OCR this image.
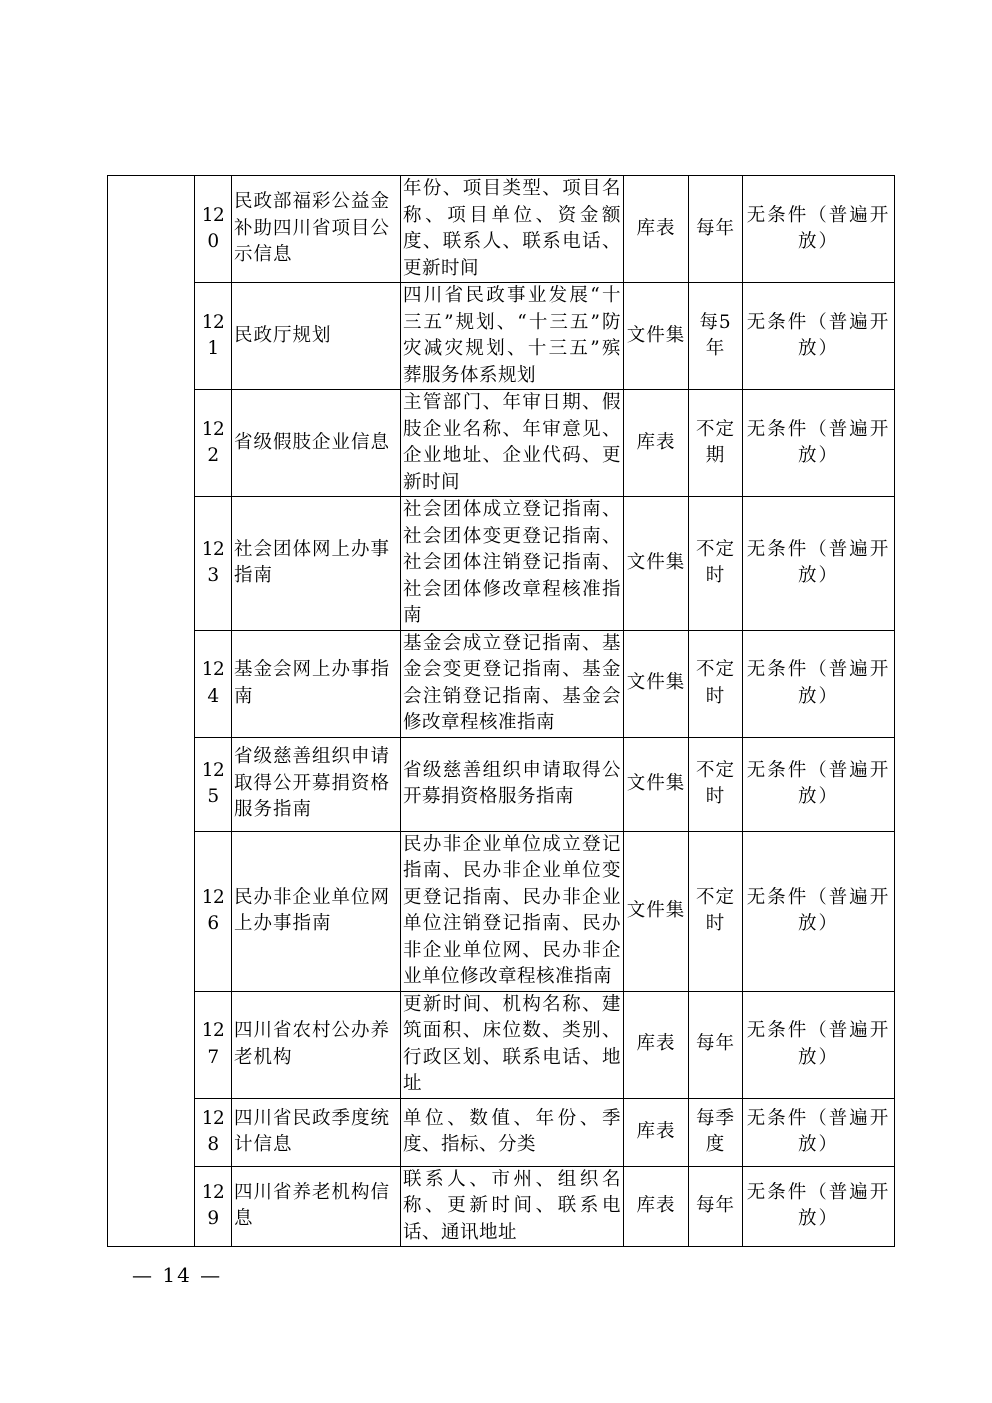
	120	民政部福彩公益金补助四川省项目公示信息	年份、项目类型、项目名称、项目单位、资金额度、联系人、联系电话、更新时间	库表	每年	无条件（普遍开放）
	121	民政厅规划	四川省民政事业发展“十三五”规划、“十三五”防灾减灾规划、十三五”殡葬服务体系规划	文件集	每5年	无条件（普遍开放）
	122	省级假肢企业信息	主管部门、年审日期、假肢企业名称、年审意见、企业地址、企业代码、更新时间	库表	不定期	无条件（普遍开放）
	123	社会团体网上办事指南	社会团体成立登记指南、社会团体变更登记指南、社会团体注销登记指南、社会团体修改章程核准指南	文件集	不定时	无条件（普遍开放）
	124	基金会网上办事指南	基金会成立登记指南、基金会变更登记指南、基金会注销登记指南、基金会修改章程核准指南	文件集	不定时	无条件（普遍开放）
	125	省级慈善组织申请取得公开募捐资格服务指南	省级慈善组织申请取得公开募捐资格服务指南	文件集	不定时	无条件（普遍开放）
	126	民办非企业单位网上办事指南	民办非企业单位成立登记指南、民办非企业单位变更登记指南、民办非企业单位注销登记指南、民办非企业单位网、民办非企业单位修改章程核准指南	文件集	不定时	无条件（普遍开放）
	127	四川省农村公办养老机构	更新时间、机构名称、建筑面积、床位数、类别、行政区划、联系电话、地址	库表	每年	无条件（普遍开放）
	128	四川省民政季度统计信息	单位、数值、年份、季度、指标、分类	库表	每季度	无条件（普遍开放）
	129	四川省养老机构信息	联系人、市州、组织名称、更新时间、联系电话、通讯地址	库表	每年	无条件（普遍开放）
— 14 —
